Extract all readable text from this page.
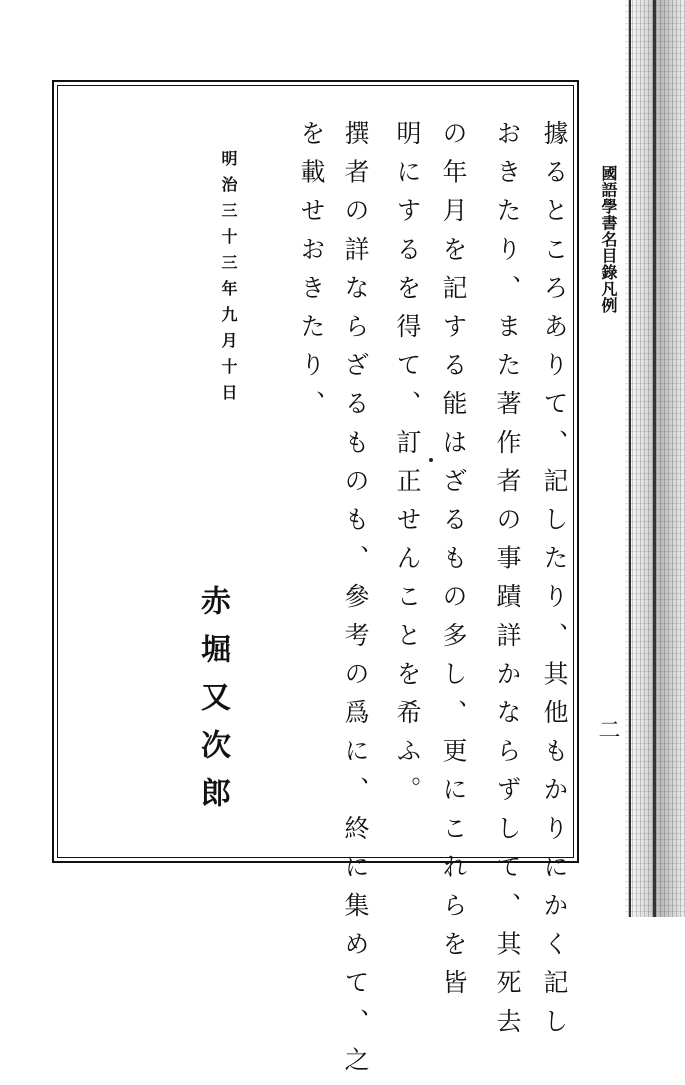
國語學書名目錄凡例
二
據るところありて、記したり、其他もかりにかく記し
おきたり、また著作者の事蹟詳かならずして、其死去
の年月を記する能はざるもの多し、更にこれらを皆
明にするを得て、訂正せんことを希ふ。
撰者の詳ならざるものも、參考の爲に、終に集めて、之
を載せおきたり、
明治三十三年九月十日
赤堀又次郎
